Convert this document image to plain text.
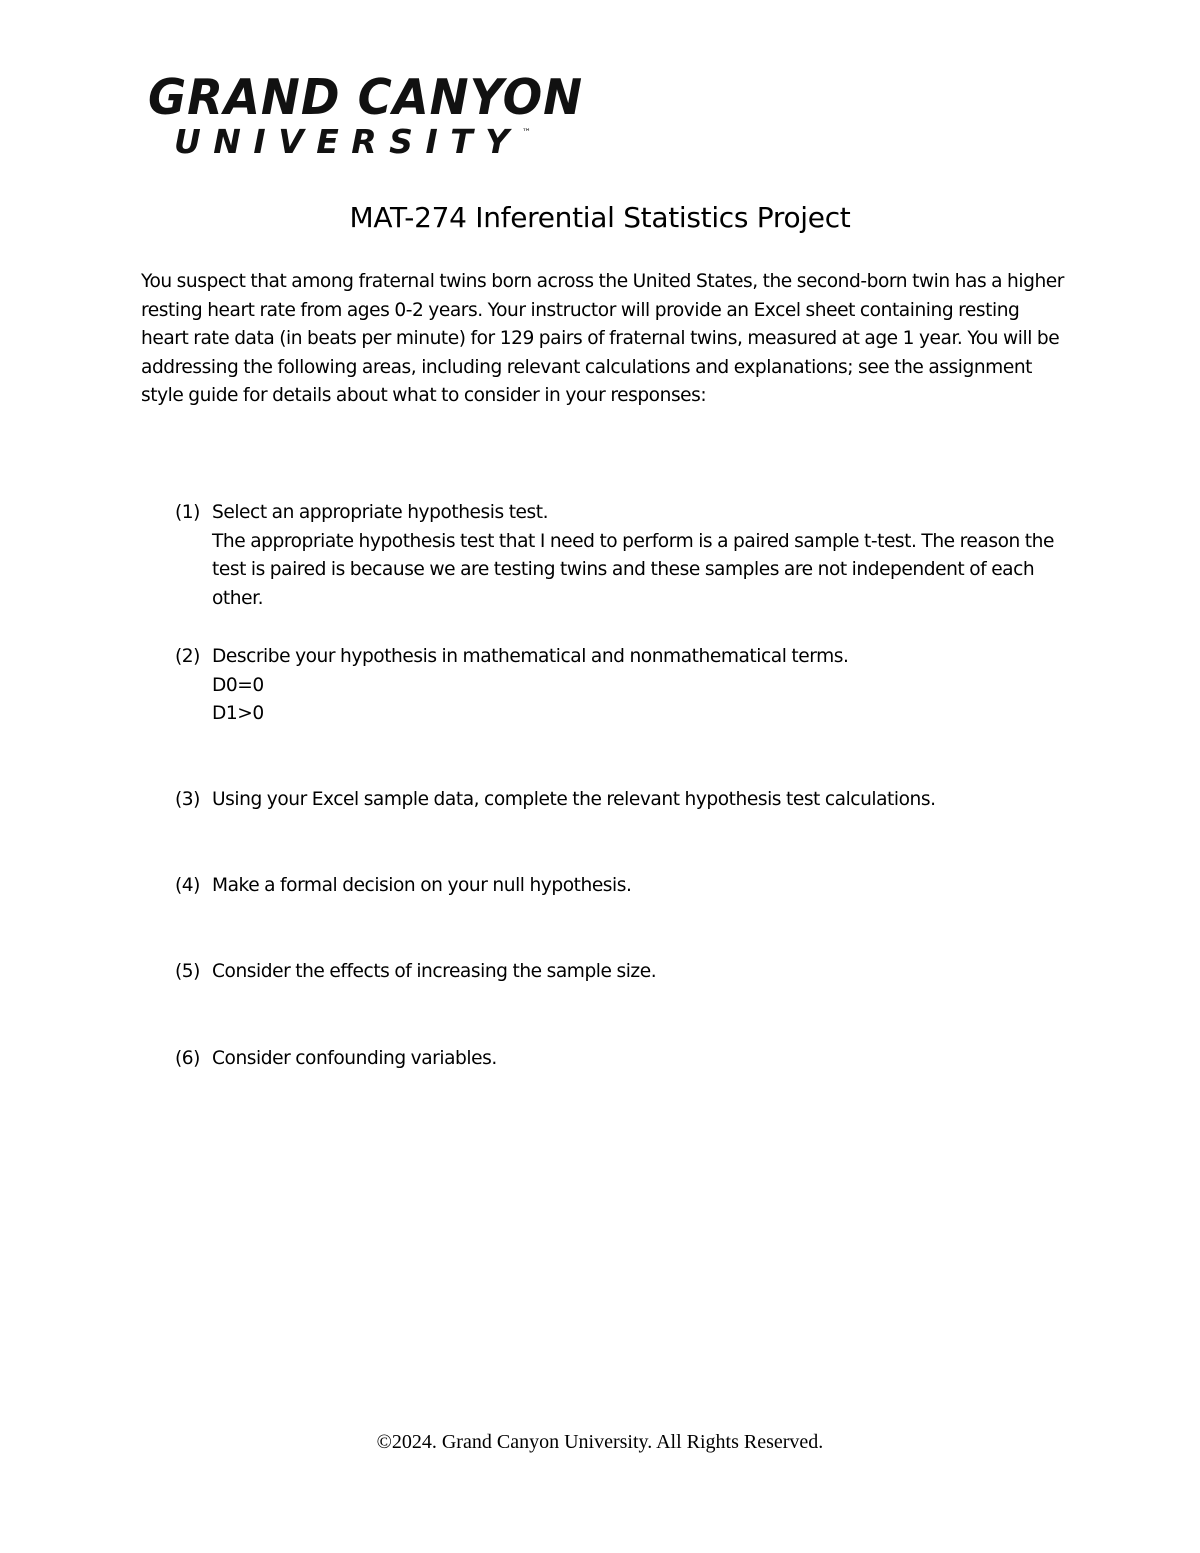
GRAND CANYON
UNIVERSITY ™
MAT-274 Inferential Statistics Project
You suspect that among fraternal twins born across the United States, the second-born twin has a higher resting heart rate from ages 0-2 years. Your instructor will provide an Excel sheet containing resting heart rate data (in beats per minute) for 129 pairs of fraternal twins, measured at age 1 year. You will be addressing the following areas, including relevant calculations and explanations; see the assignment style guide for details about what to consider in your responses:
(1) Select an appropriate hypothesis test.
The appropriate hypothesis test that I need to perform is a paired sample t-test. The reason the test is paired is because we are testing twins and these samples are not independent of each other.
(2) Describe your hypothesis in mathematical and nonmathematical terms.
D0=0
D1>0
(3) Using your Excel sample data, complete the relevant hypothesis test calculations.
(4) Make a formal decision on your null hypothesis.
(5) Consider the effects of increasing the sample size.
(6) Consider confounding variables.
©2024. Grand Canyon University. All Rights Reserved.
